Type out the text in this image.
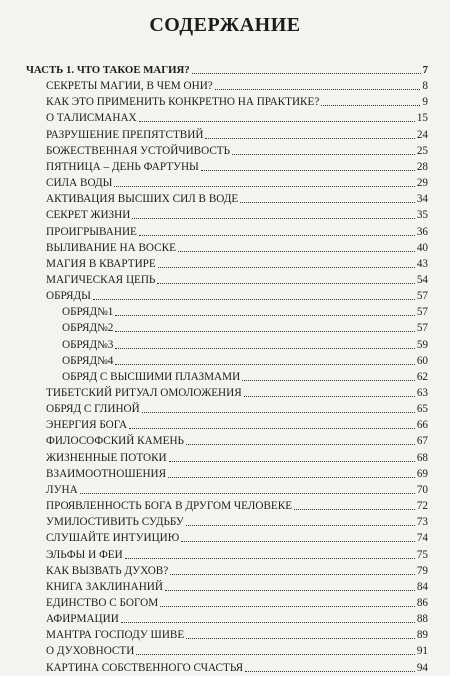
СОДЕРЖАНИЕ
ЧАСТЬ 1. ЧТО ТАКОЕ МАГИЯ?	7
СЕКРЕТЫ МАГИИ, В ЧЕМ ОНИ?	8
КАК ЭТО ПРИМЕНИТЬ КОНКРЕТНО НА ПРАКТИКЕ?	9
О ТАЛИСМАНАХ	15
РАЗРУШЕНИЕ ПРЕПЯТСТВИЙ	24
БОЖЕСТВЕННАЯ УСТОЙЧИВОСТЬ	25
ПЯТНИЦА – ДЕНЬ ФАРТУНЫ	28
СИЛА ВОДЫ	29
АКТИВАЦИЯ ВЫСШИХ СИЛ В ВОДЕ	34
СЕКРЕТ ЖИЗНИ	35
ПРОИГРЫВАНИЕ	36
ВЫЛИВАНИЕ НА ВОСКЕ	40
МАГИЯ В КВАРТИРЕ	43
МАГИЧЕСКАЯ ЦЕПЬ	54
ОБРЯДЫ	57
ОБРЯД№1	57
ОБРЯД№2	57
ОБРЯД№3	59
ОБРЯД№4	60
ОБРЯД С ВЫСШИМИ ПЛАЗМАМИ	62
ТИБЕТСКИЙ РИТУАЛ ОМОЛОЖЕНИЯ	63
ОБРЯД С ГЛИНОЙ	65
ЭНЕРГИЯ БОГА	66
ФИЛОСОФСКИЙ КАМЕНЬ	67
ЖИЗНЕННЫЕ ПОТОКИ	68
ВЗАИМООТНОШЕНИЯ	69
ЛУНА	70
ПРОЯВЛЕННОСТЬ БОГА В ДРУГОМ ЧЕЛОВЕКЕ	72
УМИЛОСТИВИТЬ СУДЬБУ	73
СЛУШАЙТЕ ИНТУИЦИЮ	74
ЭЛЬФЫ И ФЕИ	75
КАК ВЫЗВАТЬ ДУХОВ?	79
КНИГА ЗАКЛИНАНИЙ	84
ЕДИНСТВО С БОГОМ	86
АФИРМАЦИИ	88
МАНТРА ГОСПОДУ ШИВЕ	89
О ДУХОВНОСТИ	91
КАРТИНА СОБСТВЕННОГО СЧАСТЬЯ	94
